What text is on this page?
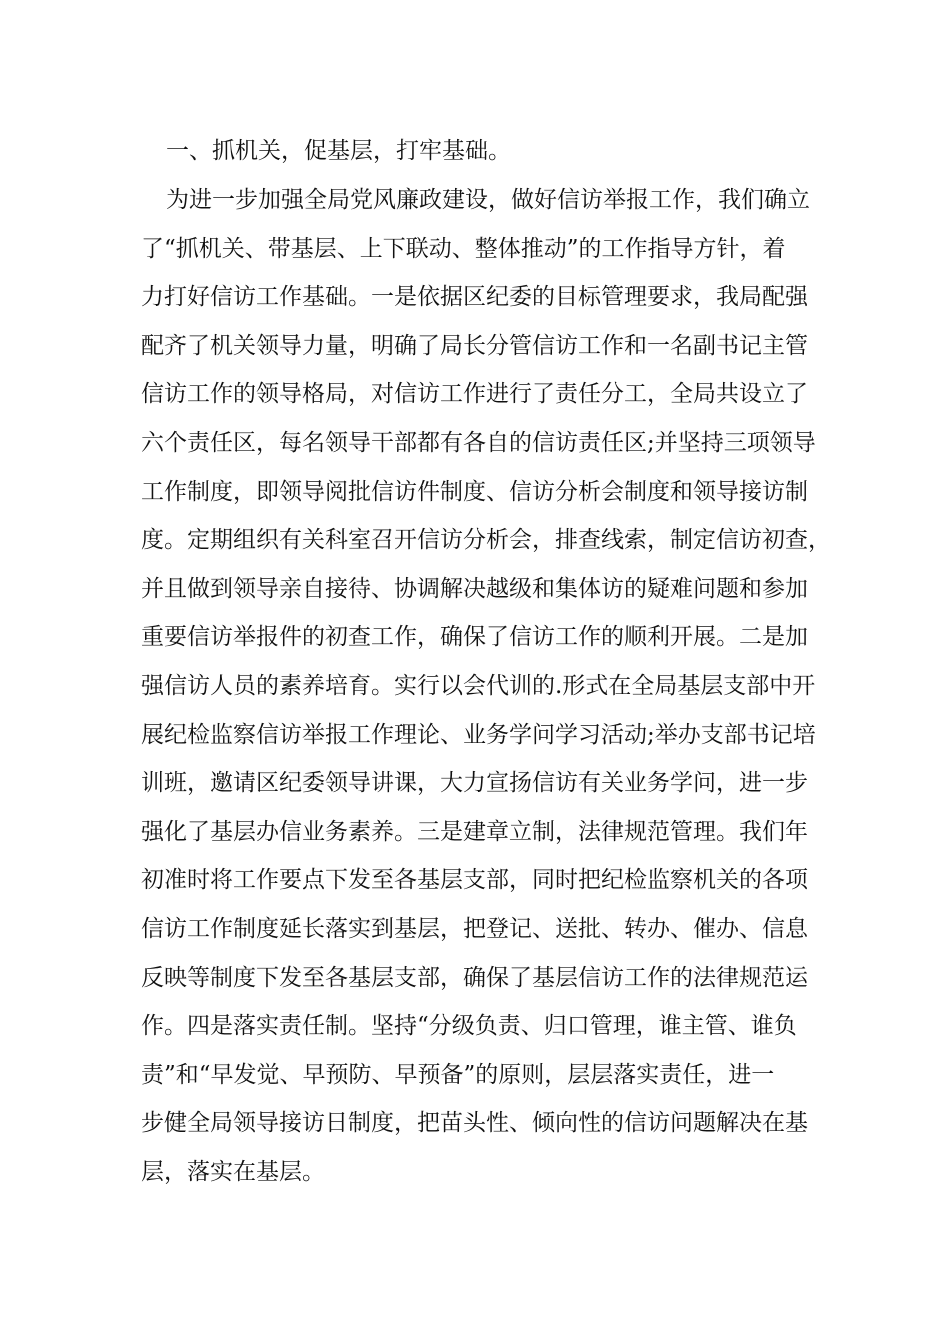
一、抓机关，促基层，打牢基础。
为进一步加强全局党风廉政建设，做好信访举报工作，我们确立
了“抓机关、带基层、上下联动、整体推动”的工作指导方针，着
力打好信访工作基础。一是依据区纪委的目标管理要求，我局配强
配齐了机关领导力量，明确了局长分管信访工作和一名副书记主管
信访工作的领导格局，对信访工作进行了责任分工，全局共设立了
六个责任区，每名领导干部都有各自的信访责任区;并坚持三项领导
工作制度，即领导阅批信访件制度、信访分析会制度和领导接访制
度。定期组织有关科室召开信访分析会，排查线索，制定信访初查，
并且做到领导亲自接待、协调解决越级和集体访的疑难问题和参加
重要信访举报件的初查工作，确保了信访工作的顺利开展。二是加
强信访人员的素养培育。实行以会代训的.形式在全局基层支部中开
展纪检监察信访举报工作理论、业务学问学习活动;举办支部书记培
训班，邀请区纪委领导讲课，大力宣扬信访有关业务学问，进一步
强化了基层办信业务素养。三是建章立制，法律规范管理。我们年
初准时将工作要点下发至各基层支部，同时把纪检监察机关的各项
信访工作制度延长落实到基层，把登记、送批、转办、催办、信息
反映等制度下发至各基层支部，确保了基层信访工作的法律规范运
作。四是落实责任制。坚持“分级负责、归口管理，谁主管、谁负
责”和“早发觉、早预防、早预备”的原则，层层落实责任，进一
步健全局领导接访日制度，把苗头性、倾向性的信访问题解决在基
层，落实在基层。
